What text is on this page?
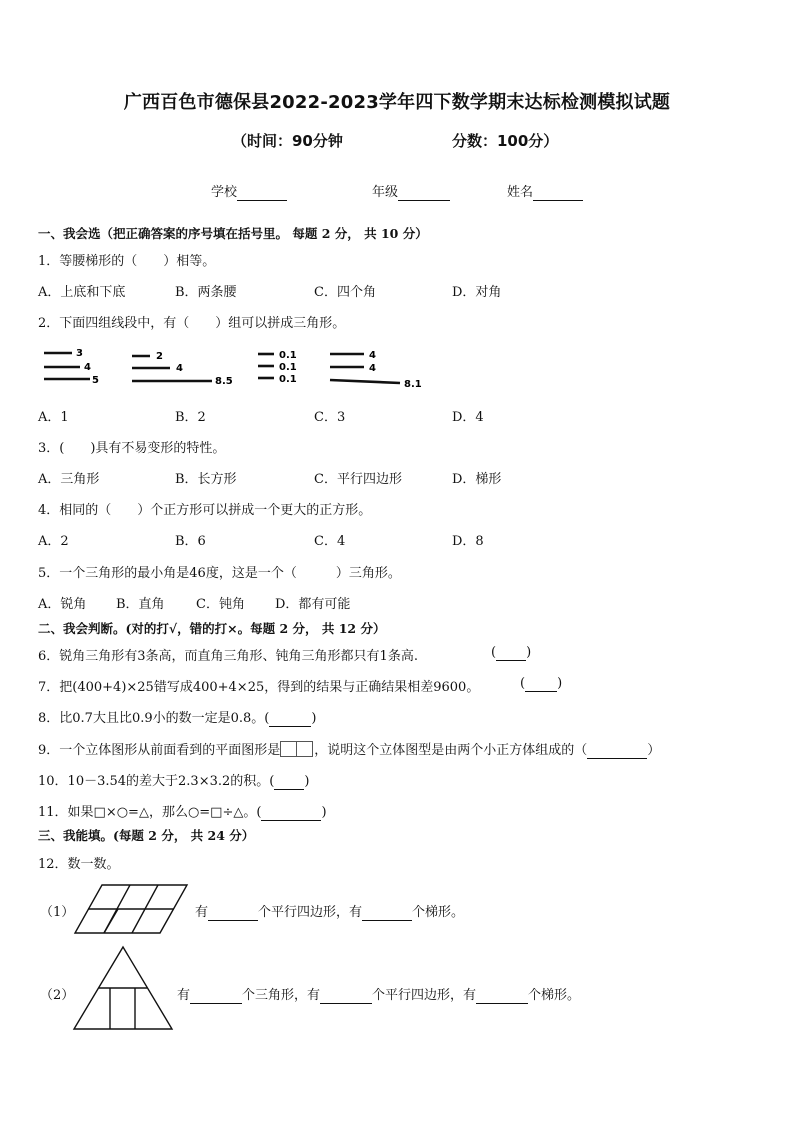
广西百色市德保县2022-2023学年四下数学期末达标检测模拟试题
（时间：90分钟	分数：100分）
学校	年级	姓名
一、我会选（把正确答案的序号填在括号里。 每题 2 分， 共 10 分）
1．等腰梯形的（　　）相等。
A．上底和下底	B．两条腰	C．四个角	D．对角
2．下面四组线段中，有（　　）组可以拼成三角形。
3
4
5
2
4
8.5
0.1
0.1
0.1
4
4
8.1
A．1	B．2	C．3	D．4
3．(　　)具有不易变形的特性。
A．三角形	B．长方形	C．平行四边形	D．梯形
4．相同的（　　）个正方形可以拼成一个更大的正方形。
A．2	B．6	C．4	D．8
5．一个三角形的最小角是46度，这是一个（　　　）三角形。
A．锐角 B．直角 C．钝角 D．都有可能
二、我会判断。(对的打√，错的打×。每题 2 分， 共 12 分）
6．锐角三角形有3条高，而直角三角形、钝角三角形都只有1条高.	( )
7．把(400+4)×25错写成400+4×25，得到的结果与正确结果相差9600。	( )
8．比0.7大且比0.9小的数一定是0.8。(	)
9．一个立体图形从前面看到的平面图形是	，说明这个立体图型是由两个小正方体组成的（	）
10．10－3.54的差大于2.3×3.2的积。( )
11．如果□×○=△，那么○=□÷△。(	)
三、我能填。(每题 2 分， 共 24 分）
12．数一数。
（1）	有	个平行四边形，有	个梯形。
（2）	有	个三角形，有	个平行四边形，有	个梯形。
